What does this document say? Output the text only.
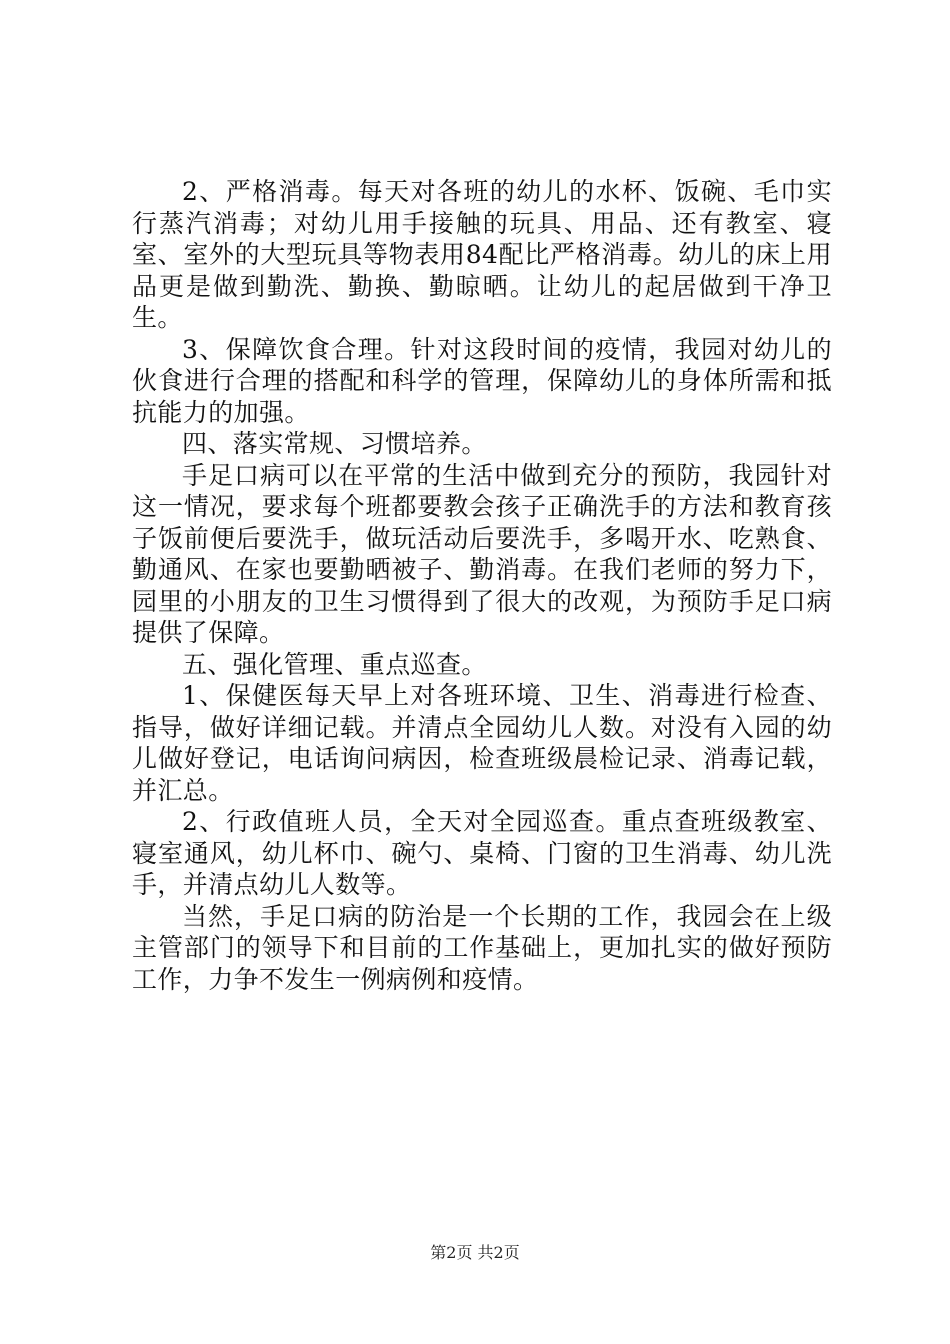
2、严格消毒。每天对各班的幼儿的水杯、饭碗、毛巾实行蒸汽消毒；对幼儿用手接触的玩具、用品、还有教室、寝室、室外的大型玩具等物表用84配比严格消毒。幼儿的床上用品更是做到勤洗、勤换、勤晾晒。让幼儿的起居做到干净卫生。

3、保障饮食合理。针对这段时间的疫情，我园对幼儿的伙食进行合理的搭配和科学的管理，保障幼儿的身体所需和抵抗能力的加强。

四、落实常规、习惯培养。

手足口病可以在平常的生活中做到充分的预防，我园针对这一情况，要求每个班都要教会孩子正确洗手的方法和教育孩子饭前便后要洗手，做玩活动后要洗手，多喝开水、吃熟食、勤通风、在家也要勤晒被子、勤消毒。在我们老师的努力下，园里的小朋友的卫生习惯得到了很大的改观，为预防手足口病提供了保障。

五、强化管理、重点巡查。

1、保健医每天早上对各班环境、卫生、消毒进行检查、指导，做好详细记载。并清点全园幼儿人数。对没有入园的幼儿做好登记，电话询问病因，检查班级晨检记录、消毒记载，并汇总。

2、行政值班人员，全天对全园巡查。重点查班级教室、寝室通风，幼儿杯巾、碗勺、桌椅、门窗的卫生消毒、幼儿洗手，并清点幼儿人数等。

当然，手足口病的防治是一个长期的工作，我园会在上级主管部门的领导下和目前的工作基础上，更加扎实的做好预防工作，力争不发生一例病例和疫情。

第2页 共2页
